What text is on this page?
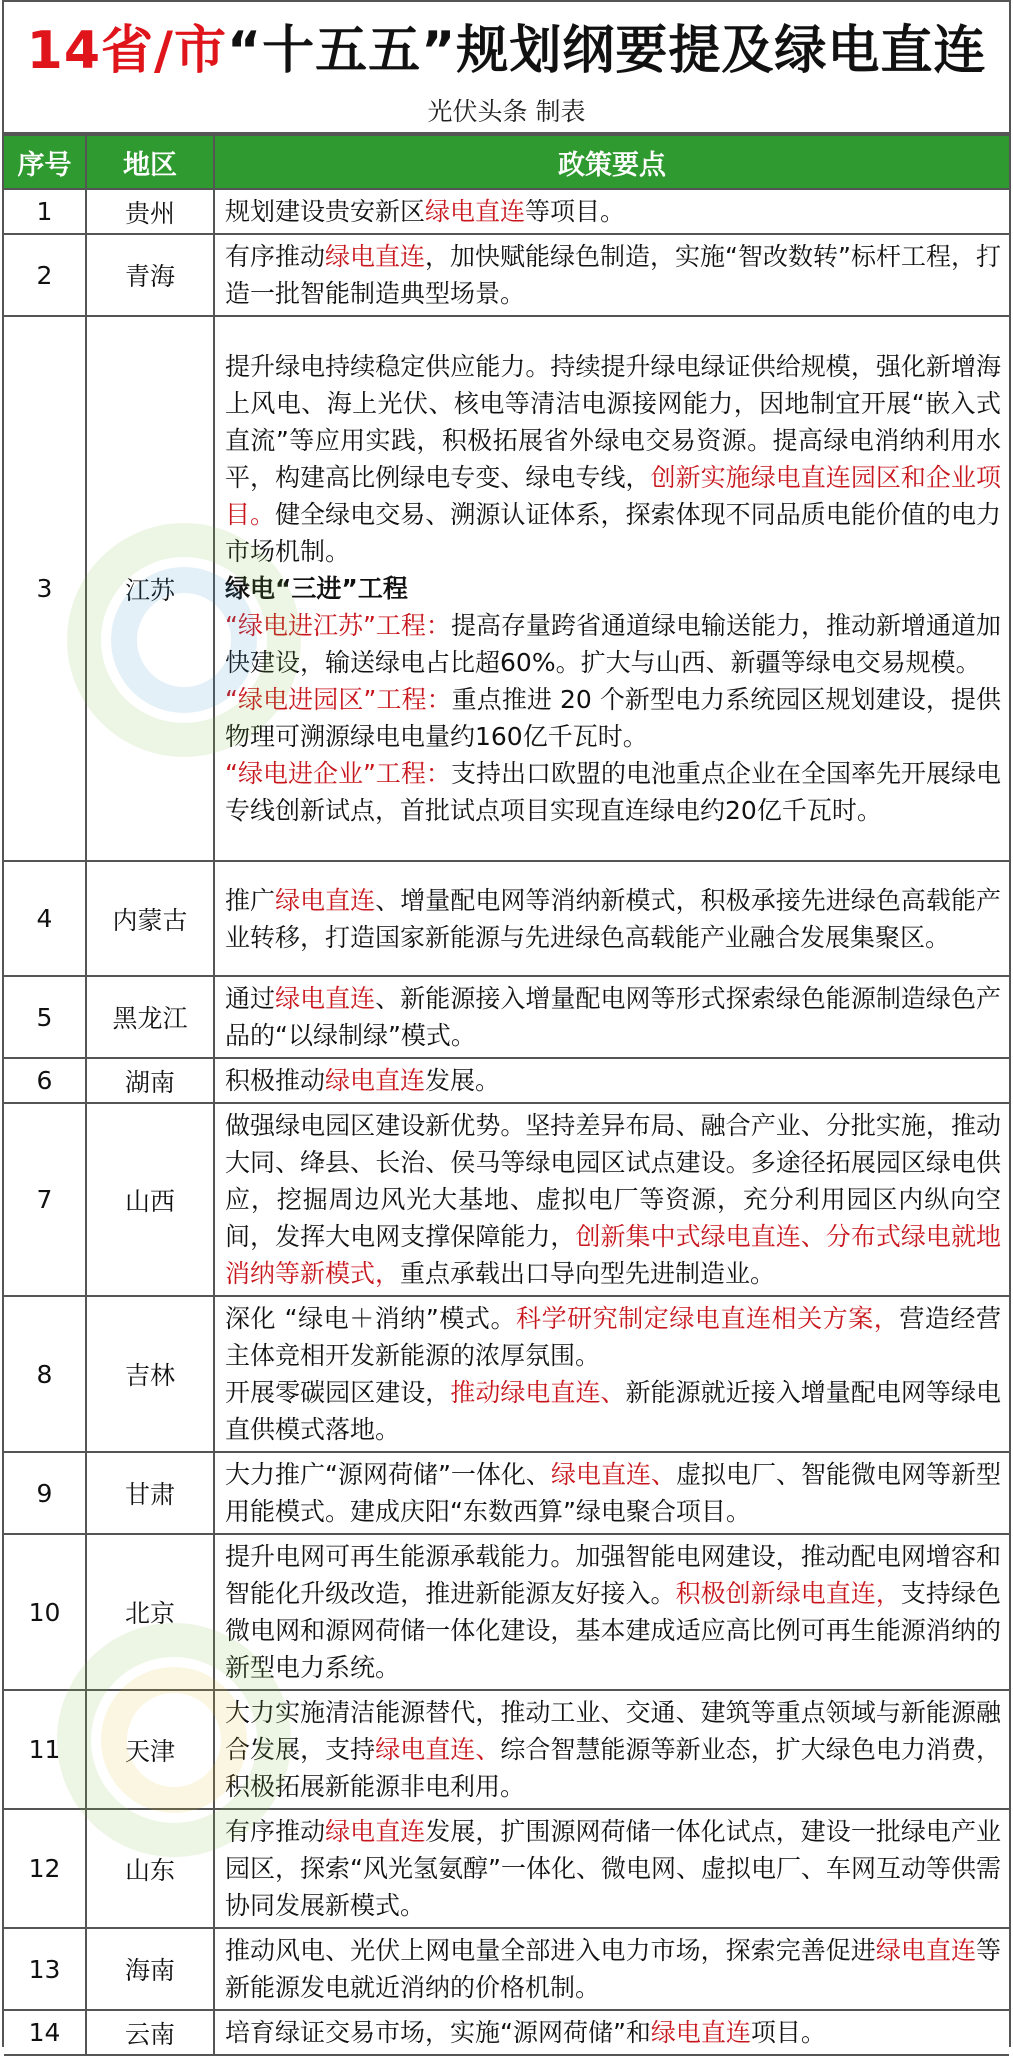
14省/市 “十五五”规划纲要提及绿电直连
光伏头条 制表
序号	地区	政策要点
1	贵州	规划建设贵安新区绿电直连等项目。

2	青海	有序推动绿电直连，加快赋能绿色制造，实施“智改数转”标杆工程，打造一批智能制造典型场景。

3	江苏	提升绿电持续稳定供应能力。持续提升绿电绿证供给规模，强化新增海上风电、海上光伏、核电等清洁电源接网能力，因地制宜开展“嵌入式直流”等应用实践，积极拓展省外绿电交易资源。提高绿电消纳利用水平，构建高比例绿电专变、绿电专线，创新实施绿电直连园区和企业项目。健全绿电交易、溯源认证体系，探索体现不同品质电能价值的电力市场机制。
绿电“三进”工程
“绿电进江苏”工程：提高存量跨省通道绿电输送能力，推动新增通道加快建设，输送绿电占比超60%。扩大与山西、新疆等绿电交易规模。
“绿电进园区”工程：重点推进 20 个新型电力系统园区规划建设，提供物理可溯源绿电电量约160亿千瓦时。
“绿电进企业”工程：支持出口欧盟的电池重点企业在全国率先开展绿电专线创新试点，首批试点项目实现直连绿电约20亿千瓦时。

4	内蒙古	推广绿电直连、增量配电网等消纳新模式，积极承接先进绿色高载能产业转移，打造国家新能源与先进绿色高载能产业融合发展集聚区。

5	黑龙江	通过绿电直连、新能源接入增量配电网等形式探索绿色能源制造绿色产品的“以绿制绿”模式。

6	湖南	积极推动绿电直连发展。

7	山西	做强绿电园区建设新优势。坚持差异布局、融合产业、分批实施，推动大同、绛县、长治、侯马等绿电园区试点建设。多途径拓展园区绿电供应，挖掘周边风光大基地、虚拟电厂等资源，充分利用园区内纵向空间，发挥大电网支撑保障能力，创新集中式绿电直连、分布式绿电就地消纳等新模式，重点承载出口导向型先进制造业。

8	吉林	深化 “绿电＋消纳”模式。科学研究制定绿电直连相关方案，营造经营主体竞相开发新能源的浓厚氛围。
开展零碳园区建设，推动绿电直连、新能源就近接入增量配电网等绿电直供模式落地。

9	甘肃	大力推广“源网荷储”一体化、绿电直连、虚拟电厂、智能微电网等新型用能模式。建成庆阳“东数西算”绿电聚合项目。

10	北京	提升电网可再生能源承载能力。加强智能电网建设，推动配电网增容和智能化升级改造，推进新能源友好接入。积极创新绿电直连，支持绿色微电网和源网荷储一体化建设，基本建成适应高比例可再生能源消纳的新型电力系统。

11	天津	大力实施清洁能源替代，推动工业、交通、建筑等重点领域与新能源融合发展，支持绿电直连、综合智慧能源等新业态，扩大绿色电力消费，积极拓展新能源非电利用。

12	山东	有序推动绿电直连发展，扩围源网荷储一体化试点，建设一批绿电产业园区，探索“风光氢氨醇”一体化、微电网、虚拟电厂、车网互动等供需协同发展新模式。

13	海南	推动风电、光伏上网电量全部进入电力市场，探索完善促进绿电直连等新能源发电就近消纳的价格机制。

14	云南	培育绿证交易市场，实施“源网荷储”和绿电直连项目。
